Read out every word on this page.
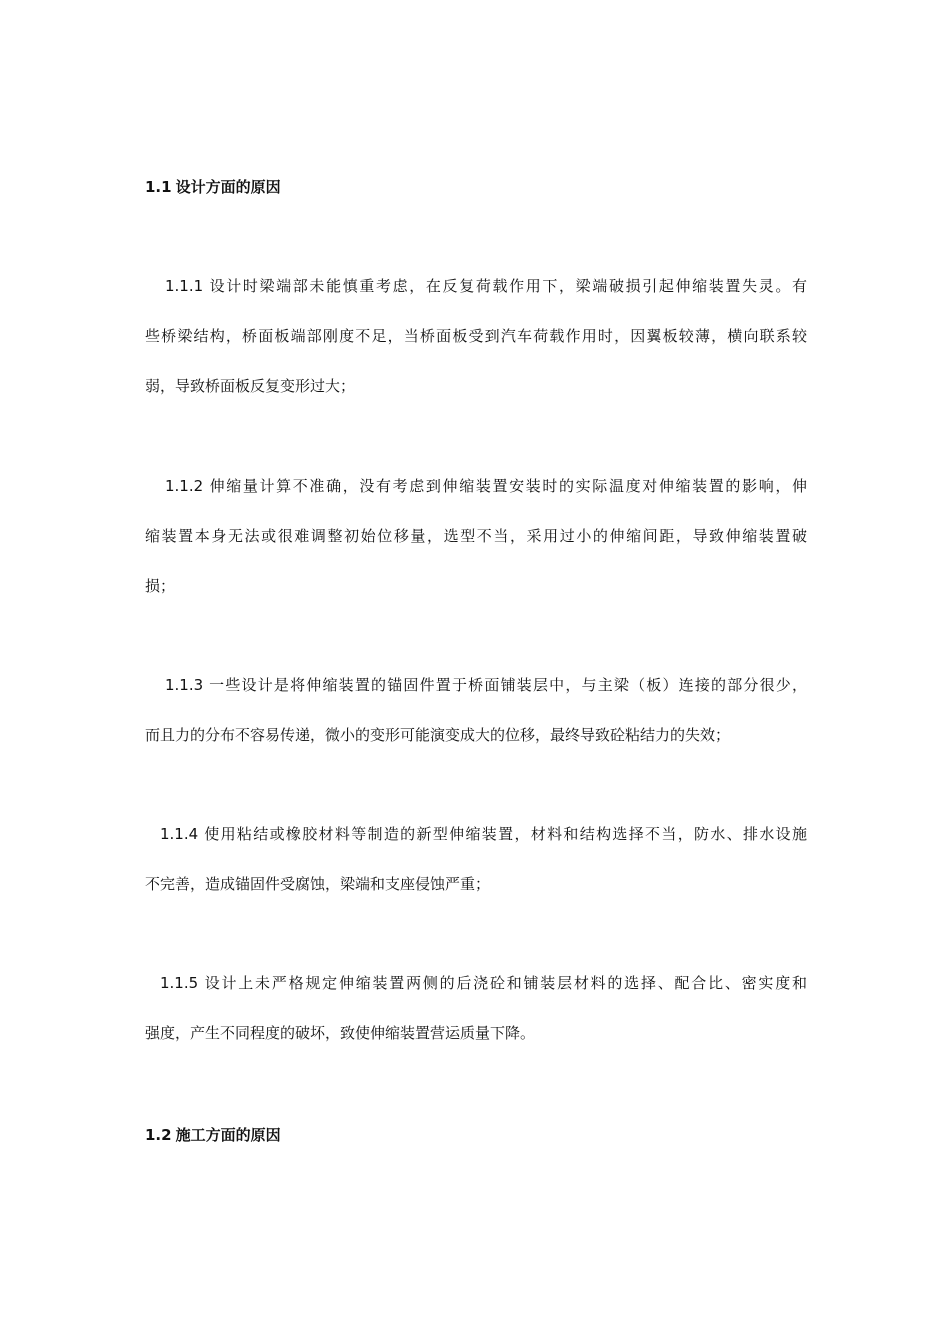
1.1 设计方面的原因
1.1.1 设计时梁端部未能慎重考虑，在反复荷载作用下，梁端破损引起伸缩装置失灵。有
些桥梁结构，桥面板端部刚度不足，当桥面板受到汽车荷载作用时，因翼板较薄，横向联系较
弱，导致桥面板反复变形过大；
1.1.2 伸缩量计算不准确，没有考虑到伸缩装置安装时的实际温度对伸缩装置的影响，伸
缩装置本身无法或很难调整初始位移量，选型不当，采用过小的伸缩间距，导致伸缩装置破
损；
1.1.3 一些设计是将伸缩装置的锚固件置于桥面铺装层中，与主梁（板）连接的部分很少，
而且力的分布不容易传递，微小的变形可能演变成大的位移，最终导致砼粘结力的失效；
1.1.4 使用粘结或橡胶材料等制造的新型伸缩装置，材料和结构选择不当，防水、排水设施
不完善，造成锚固件受腐蚀，梁端和支座侵蚀严重；
1.1.5 设计上未严格规定伸缩装置两侧的后浇砼和铺装层材料的选择、配合比、密实度和
强度，产生不同程度的破坏，致使伸缩装置营运质量下降。
1.2 施工方面的原因
